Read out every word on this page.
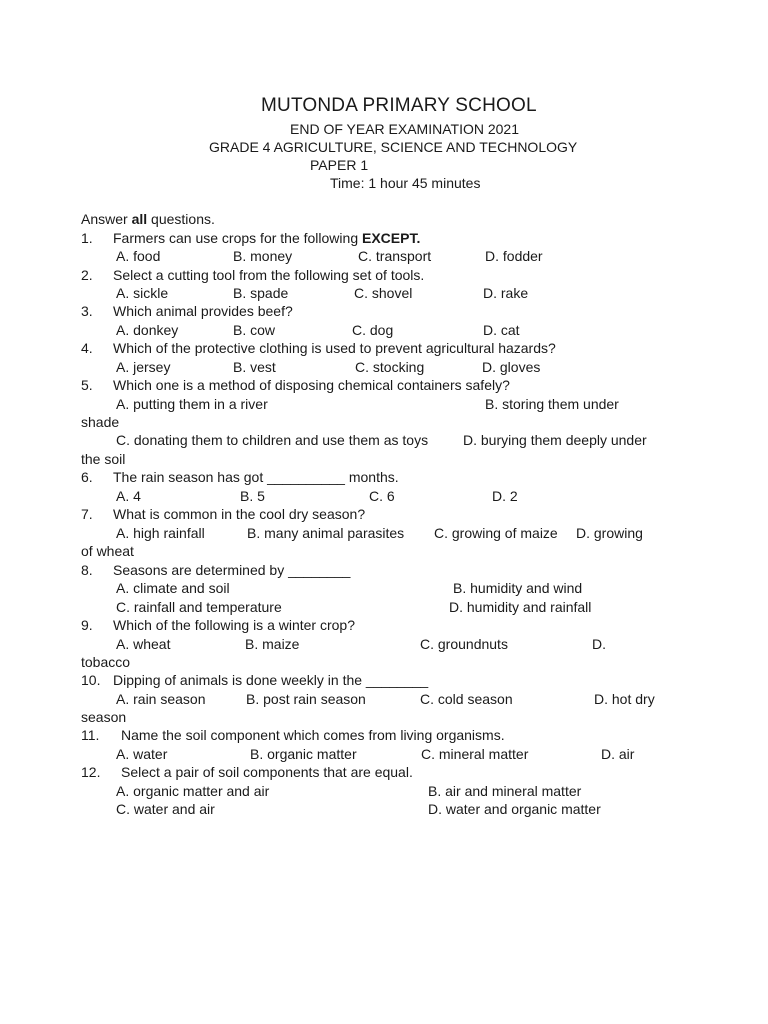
MUTONDA PRIMARY SCHOOL
END OF YEAR EXAMINATION 2021
GRADE 4 AGRICULTURE, SCIENCE AND TECHNOLOGY
PAPER 1
Time: 1 hour 45 minutes
Answer all questions.
1. Farmers can use crops for the following EXCEPT.
A. food	B. money	C. transport	D. fodder
2. Select a cutting tool from the following set of tools.
A. sickle	B. spade	C. shovel	D. rake
3. Which animal provides beef?
A. donkey	B. cow	C. dog	D. cat
4. Which of the protective clothing is used to prevent agricultural hazards?
A. jersey	B. vest	C. stocking	D. gloves
5. Which one is a method of disposing chemical containers safely?
A. putting them in a river	B. storing them under
shade
C. donating them to children and use them as toys D. burying them deeply under
the soil
6. The rain season has got __________ months.
A. 4	B. 5	C. 6	D. 2
7. What is common in the cool dry season?
A. high rainfall	B. many animal parasites C. growing of maize D. growing
of wheat
8. Seasons are determined by ________
A. climate and soil	B. humidity and wind
C. rainfall and temperature	D. humidity and rainfall
9. Which of the following is a winter crop?
A. wheat	B. maize	C. groundnuts	D.
tobacco
10. Dipping of animals is done weekly in the ________
A. rain season	B. post rain season	C. cold season	D. hot dry
season
11. Name the soil component which comes from living organisms.
A. water	B. organic matter	C. mineral matter	D. air
12. Select a pair of soil components that are equal.
A. organic matter and air	B. air and mineral matter
C. water and air	D. water and organic matter
